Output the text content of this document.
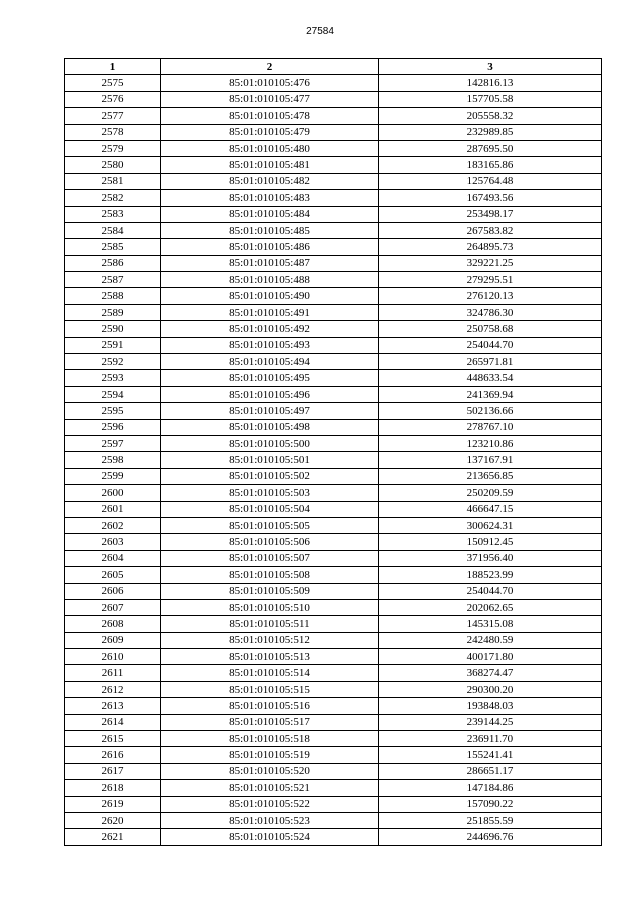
27584
1	2	3
2575	85:01:010105:476	142816.13
2576	85:01:010105:477	157705.58
2577	85:01:010105:478	205558.32
2578	85:01:010105:479	232989.85
2579	85:01:010105:480	287695.50
2580	85:01:010105:481	183165.86
2581	85:01:010105:482	125764.48
2582	85:01:010105:483	167493.56
2583	85:01:010105:484	253498.17
2584	85:01:010105:485	267583.82
2585	85:01:010105:486	264895.73
2586	85:01:010105:487	329221.25
2587	85:01:010105:488	279295.51
2588	85:01:010105:490	276120.13
2589	85:01:010105:491	324786.30
2590	85:01:010105:492	250758.68
2591	85:01:010105:493	254044.70
2592	85:01:010105:494	265971.81
2593	85:01:010105:495	448633.54
2594	85:01:010105:496	241369.94
2595	85:01:010105:497	502136.66
2596	85:01:010105:498	278767.10
2597	85:01:010105:500	123210.86
2598	85:01:010105:501	137167.91
2599	85:01:010105:502	213656.85
2600	85:01:010105:503	250209.59
2601	85:01:010105:504	466647.15
2602	85:01:010105:505	300624.31
2603	85:01:010105:506	150912.45
2604	85:01:010105:507	371956.40
2605	85:01:010105:508	188523.99
2606	85:01:010105:509	254044.70
2607	85:01:010105:510	202062.65
2608	85:01:010105:511	145315.08
2609	85:01:010105:512	242480.59
2610	85:01:010105:513	400171.80
2611	85:01:010105:514	368274.47
2612	85:01:010105:515	290300.20
2613	85:01:010105:516	193848.03
2614	85:01:010105:517	239144.25
2615	85:01:010105:518	236911.70
2616	85:01:010105:519	155241.41
2617	85:01:010105:520	286651.17
2618	85:01:010105:521	147184.86
2619	85:01:010105:522	157090.22
2620	85:01:010105:523	251855.59
2621	85:01:010105:524	244696.76
